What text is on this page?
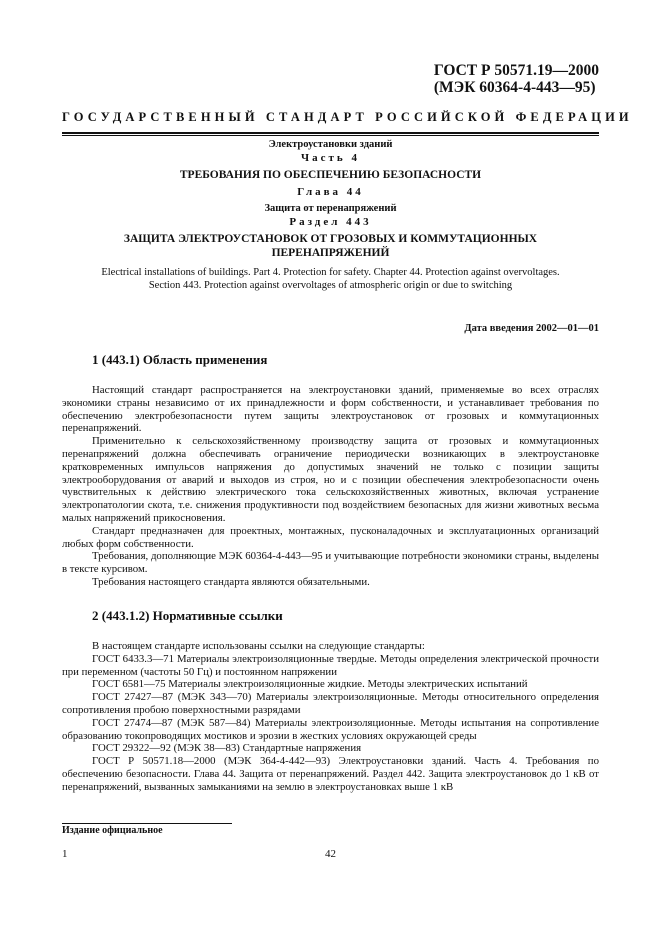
ГОСТ Р 50571.19—2000
(МЭК 60364-4-443—95)
ГОСУДАРСТВЕННЫЙ СТАНДАРТ РОССИЙСКОЙ ФЕДЕРАЦИИ
Электроустановки зданий
Часть 4
ТРЕБОВАНИЯ ПО ОБЕСПЕЧЕНИЮ БЕЗОПАСНОСТИ
Глава 44
Защита от перенапряжений
Раздел 443
ЗАЩИТА ЭЛЕКТРОУСТАНОВОК ОТ ГРОЗОВЫХ И КОММУТАЦИОННЫХ
ПЕРЕНАПРЯЖЕНИЙ
Electrical installations of buildings. Part 4. Protection for safety. Chapter 44. Protection against overvoltages.
Section 443. Protection against overvoltages of atmospheric origin or due to switching
Дата введения 2002—01—01
1 (443.1) Область применения

Настоящий стандарт распространяется на электроустановки зданий, применяемые во всех отраслях экономики страны независимо от их принадлежности и форм собственности, и устанавливает требования по обеспечению электробезопасности путем защиты электроустановок от грозовых и коммутационных перенапряжений.

Применительно к сельскохозяйственному производству защита от грозовых и коммутационных перенапряжений должна обеспечивать ограничение периодически возникающих в электроустановке кратковременных импульсов напряжения до допустимых значений не только с позиции защиты электрооборудования от аварий и выходов из строя, но и с позиции обеспечения электробезопасности очень чувствительных к действию электрического тока сельскохозяйственных животных, включая устранение электропатологии скота, т.е. снижения продуктивности под воздействием безопасных для жизни животных весьма малых напряжений прикосновения.

Стандарт предназначен для проектных, монтажных, пусконаладочных и эксплуатационных организаций любых форм собственности.

Требования, дополняющие МЭК 60364-4-443—95 и учитывающие потребности экономики страны, выделены в тексте курсивом.

Требования настоящего стандарта являются обязательными.

2 (443.1.2) Нормативные ссылки

В настоящем стандарте использованы ссылки на следующие стандарты:

ГОСТ 6433.3—71 Материалы электроизоляционные твердые. Методы определения электрической прочности при переменном (частоты 50 Гц) и постоянном напряжении

ГОСТ 6581—75 Материалы электроизоляционные жидкие. Методы электрических испытаний

ГОСТ 27427—87 (МЭК 343—70) Материалы электроизоляционные. Методы относительного определения сопротивления пробою поверхностными разрядами

ГОСТ 27474—87 (МЭК 587—84) Материалы электроизоляционные. Методы испытания на сопротивление образованию токопроводящих мостиков и эрозии в жестких условиях окружающей среды

ГОСТ 29322—92 (МЭК 38—83) Стандартные напряжения

ГОСТ Р 50571.18—2000 (МЭК 364-4-442—93) Электроустановки зданий. Часть 4. Требования по обеспечению безопасности. Глава 44. Защита от перенапряжений. Раздел 442. Защита электроустановок до 1 кВ от перенапряжений, вызванных замыканиями на землю в электроустановках выше 1 кВ

Издание официальное
1	42
